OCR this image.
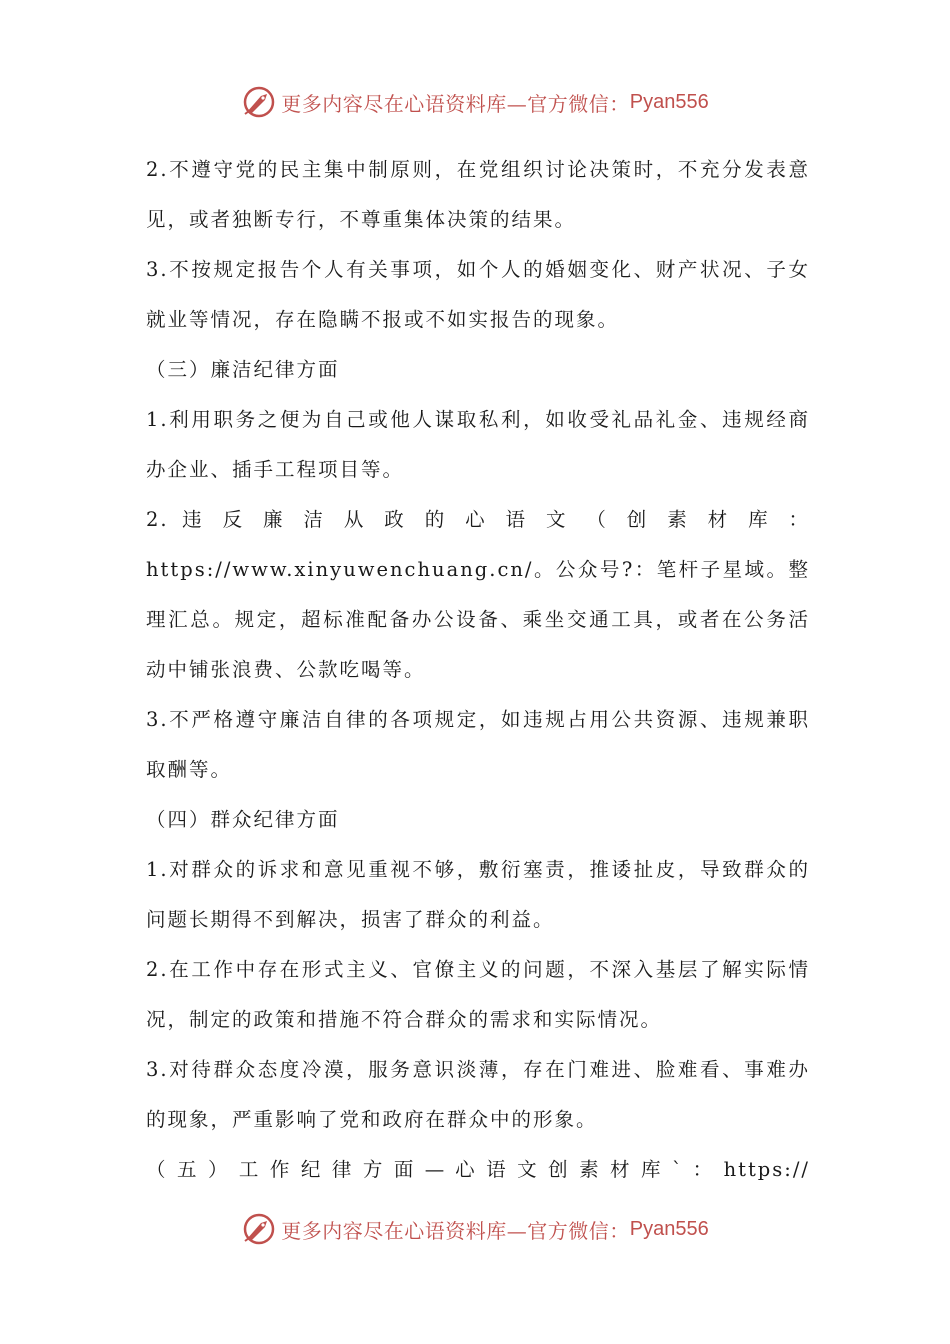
更多内容尽在心语资料库—官方微信： Pyan556

2.不遵守党的民主集中制原则，在党组织讨论决策时，不充分发表意见，或者独断专行，不尊重集体决策的结果。

3.不按规定报告个人有关事项，如个人的婚姻变化、财产状况、子女就业等情况，存在隐瞒不报或不如实报告的现象。

（三）廉洁纪律方面

1.利用职务之便为自己或他人谋取私利，如收受礼品礼金、违规经商办企业、插手工程项目等。

2. 违 反 廉 洁 从 政 的 心 语 文 （ 创 素 材 库 ： https://www.xinyuwenchuang.cn/。公众号?：笔杆子星域。整理汇总。规定，超标准配备办公设备、乘坐交通工具，或者在公务活动中铺张浪费、公款吃喝等。

3.不严格遵守廉洁自律的各项规定，如违规占用公共资源、违规兼职取酬等。

（四）群众纪律方面

1.对群众的诉求和意见重视不够，敷衍塞责，推诿扯皮，导致群众的问题长期得不到解决，损害了群众的利益。

2.在工作中存在形式主义、官僚主义的问题，不深入基层了解实际情况，制定的政策和措施不符合群众的需求和实际情况。

3.对待群众态度冷漠，服务意识淡薄，存在门难进、脸难看、事难办的现象，严重影响了党和政府在群众中的形象。

（ 五 ） 工 作 纪 律 方 面 — 心 语 文 创 素 材 库 ` ： https://

更多内容尽在心语资料库—官方微信： Pyan556
